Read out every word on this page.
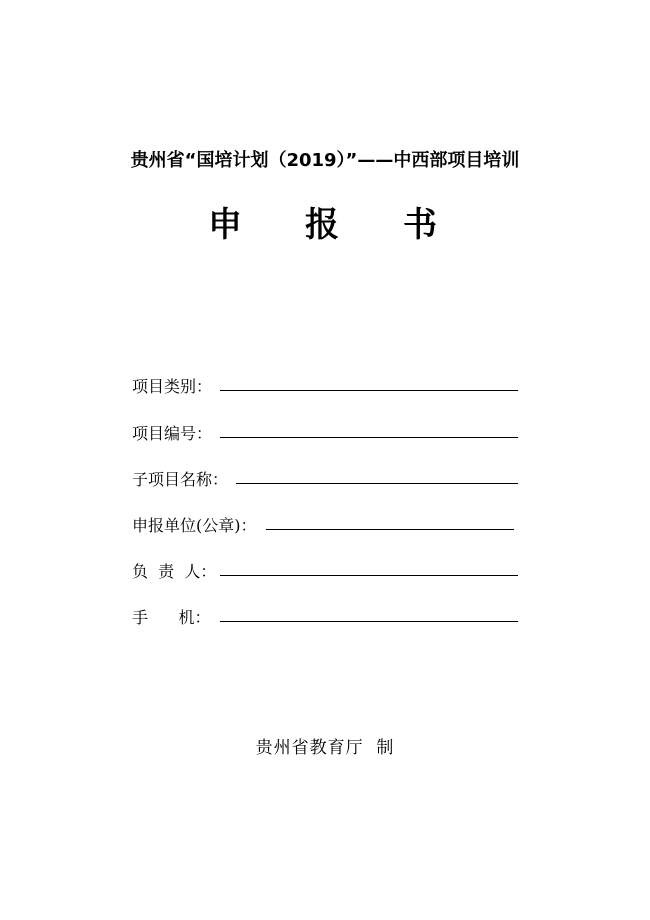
贵州省“国培计划（2019）”——中西部项目培训
申 报 书
项目类别：
项目编号：
子项目名称：
申报单位(公章)：
负  责  人：
手      机：
贵州省教育厅  制
